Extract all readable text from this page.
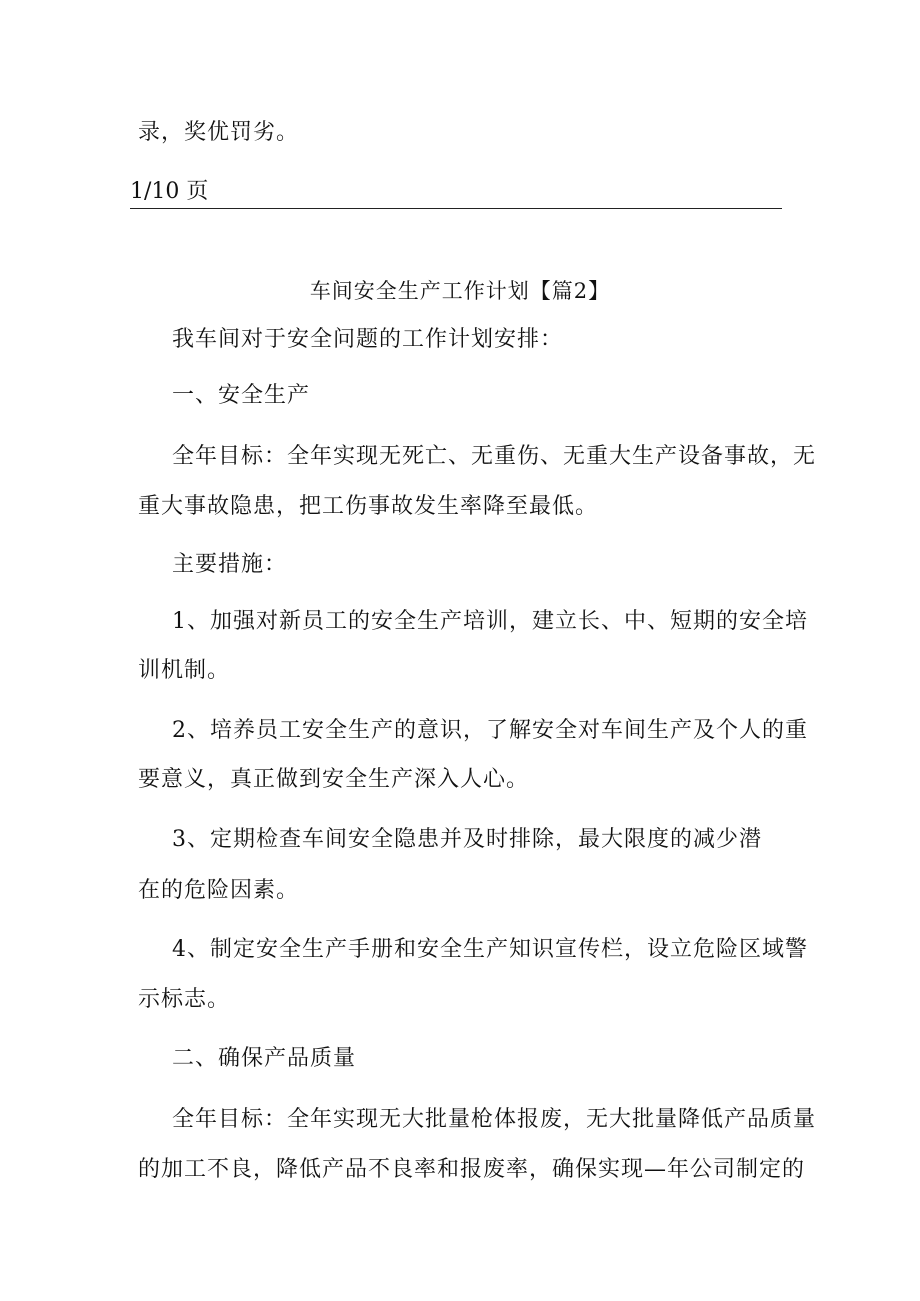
录，奖优罚劣。
1/10 页
车间安全生产工作计划【篇2】
我车间对于安全问题的工作计划安排：
一、安全生产
全年目标：全年实现无死亡、无重伤、无重大生产设备事故，无
重大事故隐患，把工伤事故发生率降至最低。
主要措施：
1、加强对新员工的安全生产培训，建立长、中、短期的安全培
训机制。
2、培养员工安全生产的意识，了解安全对车间生产及个人的重
要意义，真正做到安全生产深入人心。
3、定期检查车间安全隐患并及时排除，最大限度的减少潜
在的危险因素。
4、制定安全生产手册和安全生产知识宣传栏，设立危险区域警
示标志。
二、确保产品质量
全年目标：全年实现无大批量枪体报废，无大批量降低产品质量
的加工不良，降低产品不良率和报废率，确保实现—年公司制定的
